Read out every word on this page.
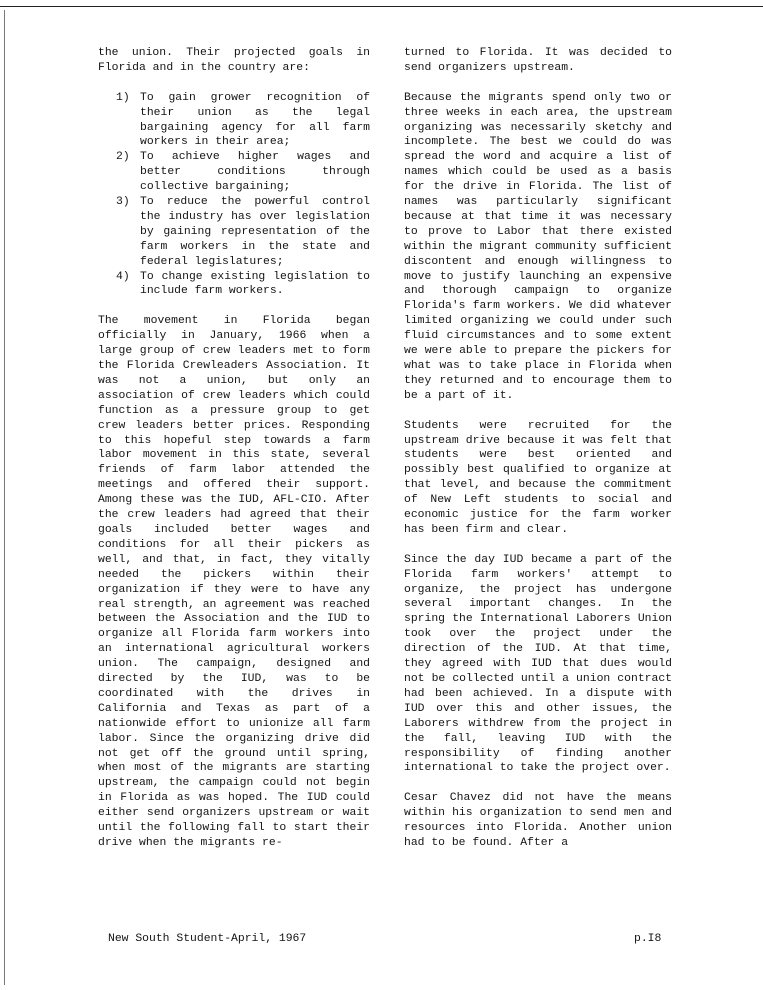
the union. Their projected goals in Florida and in the country are:

1) To gain grower recognition of their union as the legal bargaining agency for all farm workers in their area;
2) To achieve higher wages and better conditions through collective bargaining;
3) To reduce the powerful control the industry has over legislation by gaining representation of the farm workers in the state and federal legislatures;
4) To change existing legislation to include farm workers.

The movement in Florida began officially in January, 1966 when a large group of crew leaders met to form the Florida Crewleaders Association. It was not a union, but only an association of crew leaders which could function as a pressure group to get crew leaders better prices. Responding to this hopeful step towards a farm labor movement in this state, several friends of farm labor attended the meetings and offered their support. Among these was the IUD, AFL-CIO. After the crew leaders had agreed that their goals included better wages and conditions for all their pickers as well, and that, in fact, they vitally needed the pickers within their organization if they were to have any real strength, an agreement was reached between the Association and the IUD to organize all Florida farm workers into an international agricultural workers union. The campaign, designed and directed by the IUD, was to be coordinated with the drives in California and Texas as part of a nationwide effort to unionize all farm labor. Since the organizing drive did not get off the ground until spring, when most of the migrants are starting upstream, the campaign could not begin in Florida as was hoped. The IUD could either send organizers upstream or wait until the following fall to start their drive when the migrants re-

turned to Florida. It was decided to send organizers upstream.

Because the migrants spend only two or three weeks in each area, the upstream organizing was necessarily sketchy and incomplete. The best we could do was spread the word and acquire a list of names which could be used as a basis for the drive in Florida. The list of names was particularly significant because at that time it was necessary to prove to Labor that there existed within the migrant community sufficient discontent and enough willingness to move to justify launching an expensive and thorough campaign to organize Florida's farm workers. We did whatever limited organizing we could under such fluid circumstances and to some extent we were able to prepare the pickers for what was to take place in Florida when they returned and to encourage them to be a part of it.

Students were recruited for the upstream drive because it was felt that students were best oriented and possibly best qualified to organize at that level, and because the commitment of New Left students to social and economic justice for the farm worker has been firm and clear.

Since the day IUD became a part of the Florida farm workers' attempt to organize, the project has undergone several important changes. In the spring the International Laborers Union took over the project under the direction of the IUD. At that time, they agreed with IUD that dues would not be collected until a union contract had been achieved. In a dispute with IUD over this and other issues, the Laborers withdrew from the project in the fall, leaving IUD with the responsibility of finding another international to take the project over.

Cesar Chavez did not have the means within his organization to send men and resources into Florida. Another union had to be found. After a

New South Student-April, 1967	p.I8
